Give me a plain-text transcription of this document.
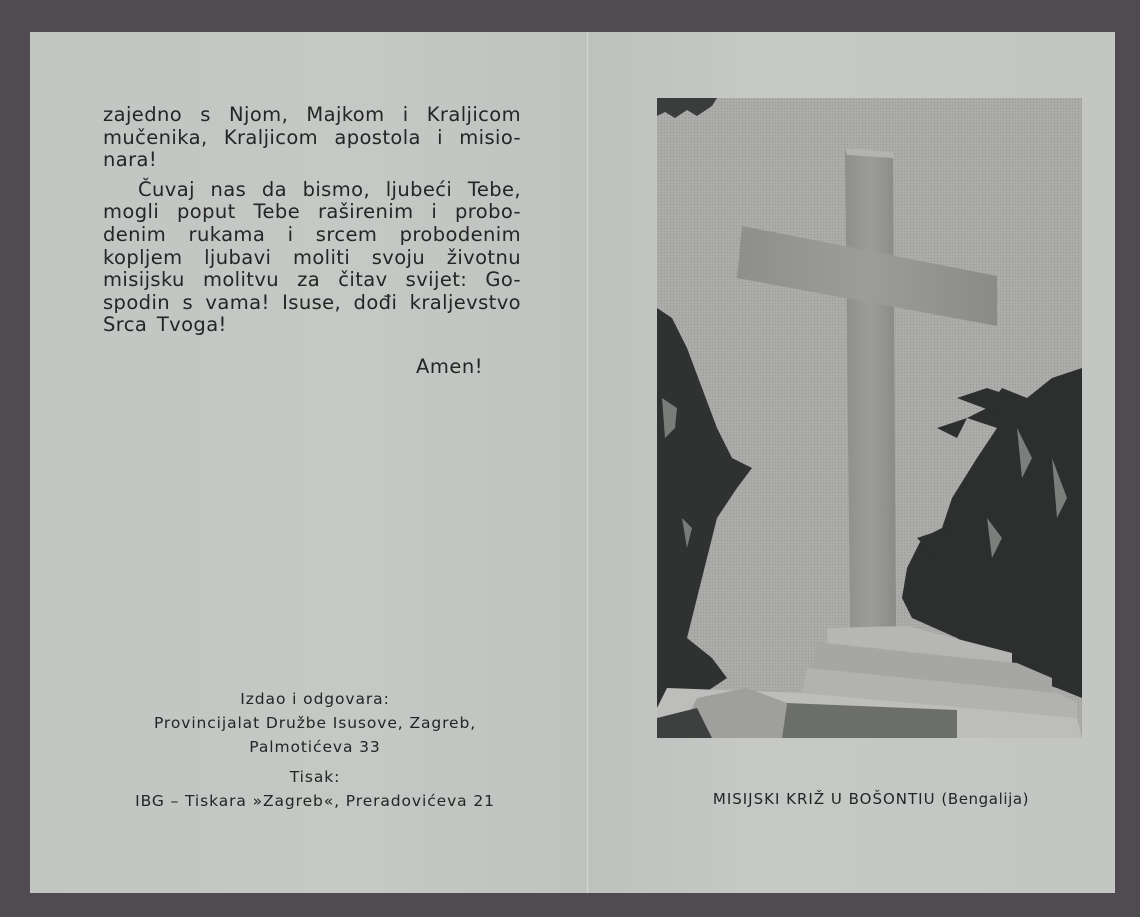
zajedno s Njom, Majkom i Kraljicom

mučenika, Kraljicom apostola i misio-

nara!

Čuvaj nas da bismo, ljubeći Tebe,

mogli poput Tebe raširenim i probo-

denim rukama i srcem probodenim

kopljem ljubavi moliti svoju životnu

misijsku molitvu za čitav svijet: Go-

spodin s vama! Isuse, dođi kraljevstvo

Srca Tvoga!

Amen!
Izdao i odgovara:
Provincijalat Družbe Isusove, Zagreb,
Palmotićeva 33
Tisak:
IBG – Tiskara »Zagreb«, Preradovićeva 21	MISIJSKI KRIŽ U BOŠONTIU (Bengalija)
